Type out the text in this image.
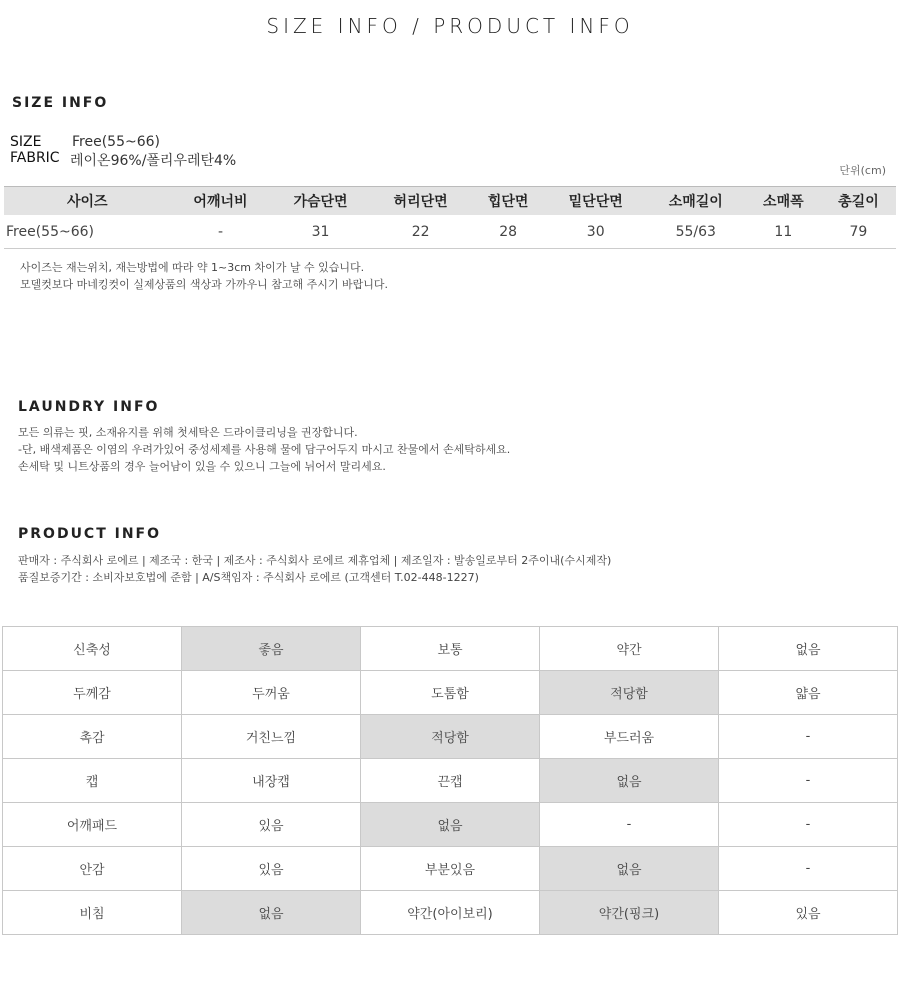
SIZE INFO / PRODUCT INFO
SIZE INFO
SIZE Free(55~66)
FABRIC 레이온96%/폴리우레탄4%
단위(cm)
사이즈	어깨너비	가슴단면	허리단면	힙단면	밑단단면	소매길이	소매폭	총길이
Free(55~66)	-	31	22	28	30	55/63	11	79
사이즈는 재는위치, 재는방법에 따라 약 1~3cm 차이가 날 수 있습니다.
모델컷보다 마네킹컷이 실제상품의 색상과 가까우니 참고해 주시기 바랍니다.
LAUNDRY INFO
모든 의류는 핏, 소재유지를 위해 첫세탁은 드라이클리닝을 권장합니다.
-단, 배색제품은 이염의 우려가있어 중성세제를 사용해 물에 담구어두지 마시고 찬물에서 손세탁하세요.
손세탁 및 니트상품의 경우 늘어남이 있을 수 있으니 그늘에 뉘어서 말리세요.
PRODUCT INFO
판매자 : 주식회사 로에르 | 제조국 : 한국 | 제조사 : 주식회사 로에르 제휴업체 | 제조일자 : 발송일로부터 2주이내(수시제작)
품질보증기간 : 소비자보호법에 준함 | A/S책임자 : 주식회사 로에르 (고객센터 T.02-448-1227)
신축성	좋음	보통	약간	없음
두께감	두꺼움	도톰함	적당함	얇음
촉감	거친느낌	적당함	부드러움	-
캡	내장캡	끈캡	없음	-
어깨패드	있음	없음	-	-
안감	있음	부분있음	없음	-
비침	없음	약간(아이보리)	약간(핑크)	있음
